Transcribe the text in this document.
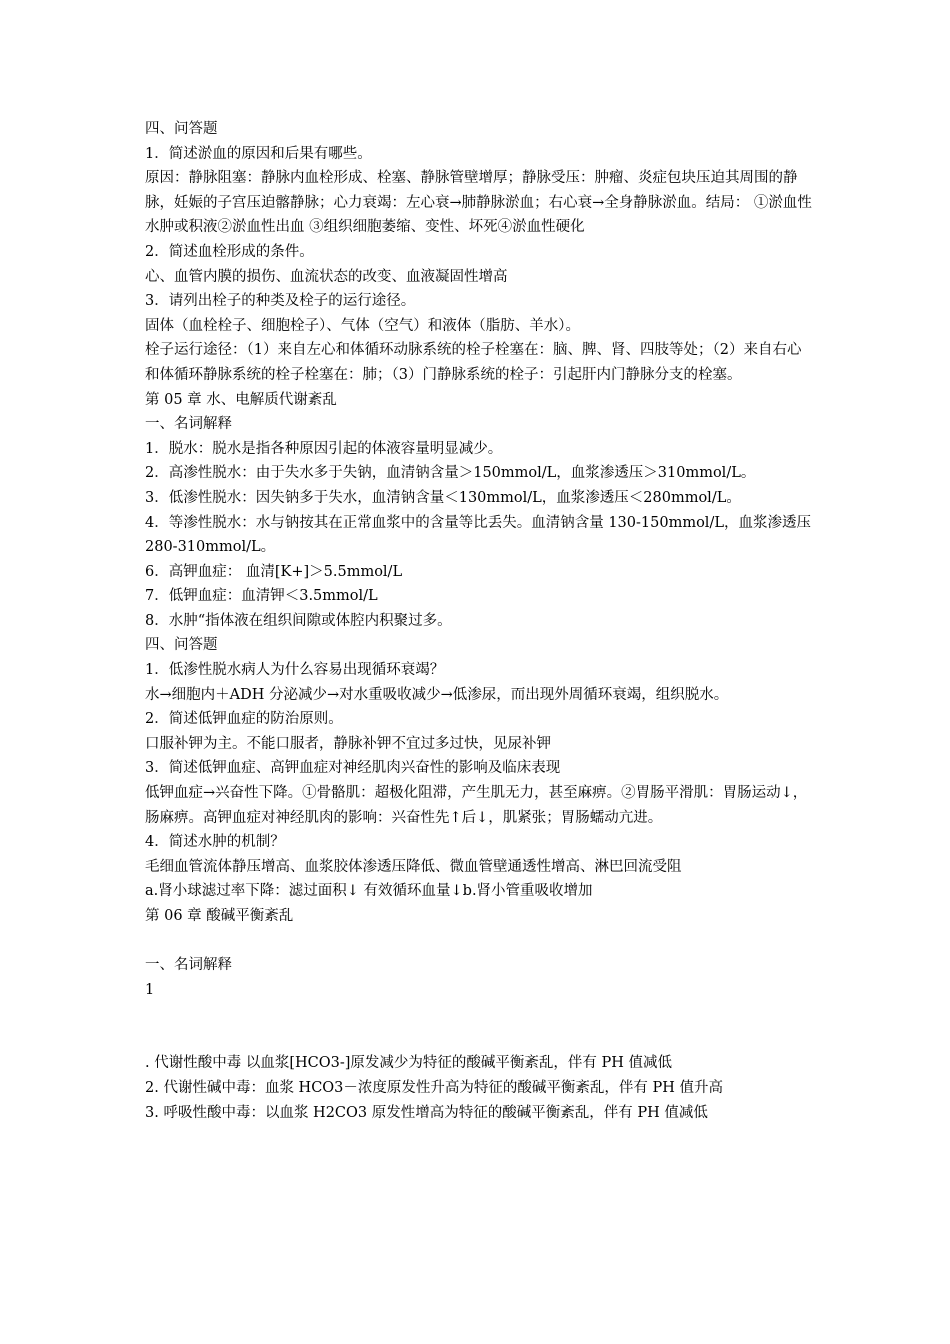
四、问答题

1．简述淤血的原因和后果有哪些。

原因：静脉阻塞：静脉内血栓形成、栓塞、静脉管壁增厚；静脉受压：肿瘤、炎症包块压迫其周围的静脉，妊娠的子宫压迫髂静脉；心力衰竭：左心衰→肺静脉淤血；右心衰→全身静脉淤血。结局： ①淤血性水肿或积液②淤血性出血 ③组织细胞萎缩、变性、坏死④淤血性硬化

2．简述血栓形成的条件。

心、血管内膜的损伤、血流状态的改变、血液凝固性增高

3．请列出栓子的种类及栓子的运行途径。

固体（血栓栓子、细胞栓子）、气体（空气）和液体（脂肪、羊水）。

栓子运行途径：（1）来自左心和体循环动脉系统的栓子栓塞在：脑、脾、肾、四肢等处；（2）来自右心和体循环静脉系统的栓子栓塞在：肺；（3）门静脉系统的栓子：引起肝内门静脉分支的栓塞。

第 05 章 水、电解质代谢紊乱

一、名词解释

1．脱水：脱水是指各种原因引起的体液容量明显减少。

2．高渗性脱水：由于失水多于失钠，血清钠含量＞150mmol/L，血浆渗透压＞310mmol/L。

3．低渗性脱水：因失钠多于失水，血清钠含量＜130mmol/L，血浆渗透压＜280mmol/L。

4．等渗性脱水：水与钠按其在正常血浆中的含量等比丢失。血清钠含量 130-150mmol/L，血浆渗透压 280-310mmol/L。

6．高钾血症： 血清[K+]＞5.5mmol/L

7．低钾血症：血清钾＜3.5mmol/L

8．水肿“指体液在组织间隙或体腔内积聚过多。

四、问答题

1．低渗性脱水病人为什么容易出现循环衰竭？

水→细胞内＋ADH 分泌减少→对水重吸收减少→低渗尿，而出现外周循环衰竭，组织脱水。

2．简述低钾血症的防治原则。

口服补钾为主。不能口服者，静脉补钾不宜过多过快，见尿补钾

3．简述低钾血症、高钾血症对神经肌肉兴奋性的影响及临床表现

低钾血症→兴奋性下降。①骨骼肌：超极化阻滞，产生肌无力，甚至麻痹。②胃肠平滑肌：胃肠运动↓，肠麻痹。高钾血症对神经肌肉的影响：兴奋性先↑后↓，肌紧张；胃肠蠕动亢进。

4．简述水肿的机制？

毛细血管流体静压增高、血浆胶体渗透压降低、微血管壁通透性增高、淋巴回流受阻

a.肾小球滤过率下降：滤过面积↓ 有效循环血量↓b.肾小管重吸收增加

第 06 章 酸碱平衡紊乱

一、名词解释

1

. 代谢性酸中毒 以血浆[HCO3-]原发减少为特征的酸碱平衡紊乱，伴有 PH 值减低

2. 代谢性碱中毒：血浆 HCO3－浓度原发性升高为特征的酸碱平衡紊乱，伴有 PH 值升高

3. 呼吸性酸中毒：以血浆 H2CO3 原发性增高为特征的酸碱平衡紊乱，伴有 PH 值减低
